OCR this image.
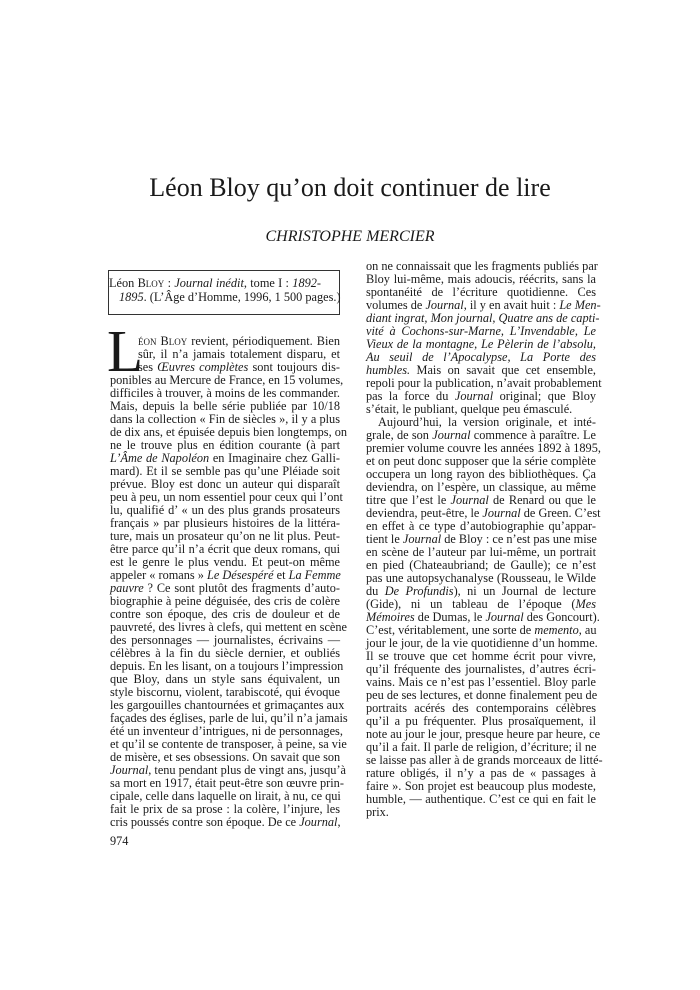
Léon Bloy qu’on doit continuer de lire
CHRISTOPHE MERCIER
Léon Bloy : Journal inédit, tome I : 1892-
1895. (L’Âge d’Homme, 1996, 1 500 pages.)
L
éon Bloy revient, périodiquement. Bien
sûr, il n’a jamais totalement disparu, et
ses Œuvres complètes sont toujours dis-
ponibles au Mercure de France, en 15 volumes,
difficiles à trouver, à moins de les commander.
Mais, depuis la belle série publiée par 10/18
dans la collection « Fin de siècles », il y a plus
de dix ans, et épuisée depuis bien longtemps, on
ne le trouve plus en édition courante (à part
L’Âme de Napoléon en Imaginaire chez Galli-
mard). Et il se semble pas qu’une Pléiade soit
prévue. Bloy est donc un auteur qui disparaît
peu à peu, un nom essentiel pour ceux qui l’ont
lu, qualifié d’ « un des plus grands prosateurs
français » par plusieurs histoires de la littéra-
ture, mais un prosateur qu’on ne lit plus. Peut-
être parce qu’il n’a écrit que deux romans, qui
est le genre le plus vendu. Et peut-on même
appeler « romans » Le Désespéré et La Femme
pauvre ? Ce sont plutôt des fragments d’auto-
biographie à peine déguisée, des cris de colère
contre son époque, des cris de douleur et de
pauvreté, des livres à clefs, qui mettent en scène
des personnages — journalistes, écrivains —
célèbres à la fin du siècle dernier, et oubliés
depuis. En les lisant, on a toujours l’impression
que Bloy, dans un style sans équivalent, un
style biscornu, violent, tarabiscoté, qui évoque
les gargouilles chantournées et grimaçantes aux
façades des églises, parle de lui, qu’il n’a jamais
été un inventeur d’intrigues, ni de personnages,
et qu’il se contente de transposer, à peine, sa vie
de misère, et ses obsessions. On savait que son
Journal, tenu pendant plus de vingt ans, jusqu’à
sa mort en 1917, était peut-être son œuvre prin-
cipale, celle dans laquelle on lirait, à nu, ce qui
fait le prix de sa prose : la colère, l’injure, les
cris poussés contre son époque. De ce Journal,
on ne connaissait que les fragments publiés par
Bloy lui-même, mais adoucis, réécrits, sans la
spontanéité de l’écriture quotidienne. Ces
volumes de Journal, il y en avait huit : Le Men-
diant ingrat, Mon journal, Quatre ans de capti-
vité à Cochons-sur-Marne, L’Invendable, Le
Vieux de la montagne, Le Pèlerin de l’absolu,
Au seuil de l’Apocalypse, La Porte des
humbles. Mais on savait que cet ensemble,
repoli pour la publication, n’avait probablement
pas la force du Journal original; que Bloy
s’était, le publiant, quelque peu émasculé.
Aujourd’hui, la version originale, et inté-
grale, de son Journal commence à paraître. Le
premier volume couvre les années 1892 à 1895,
et on peut donc supposer que la série complète
occupera un long rayon des bibliothèques. Ça
deviendra, on l’espère, un classique, au même
titre que l’est le Journal de Renard ou que le
deviendra, peut-être, le Journal de Green. C’est
en effet à ce type d’autobiographie qu’appar-
tient le Journal de Bloy : ce n’est pas une mise
en scène de l’auteur par lui-même, un portrait
en pied (Chateaubriand; de Gaulle); ce n’est
pas une autopsychanalyse (Rousseau, le Wilde
du De Profundis), ni un Journal de lecture
(Gide), ni un tableau de l’époque (Mes
Mémoires de Dumas, le Journal des Goncourt).
C’est, véritablement, une sorte de memento, au
jour le jour, de la vie quotidienne d’un homme.
Il se trouve que cet homme écrit pour vivre,
qu’il fréquente des journalistes, d’autres écri-
vains. Mais ce n’est pas l’essentiel. Bloy parle
peu de ses lectures, et donne finalement peu de
portraits acérés des contemporains célèbres
qu’il a pu fréquenter. Plus prosaïquement, il
note au jour le jour, presque heure par heure, ce
qu’il a fait. Il parle de religion, d’écriture; il ne
se laisse pas aller à de grands morceaux de litté-
rature obligés, il n’y a pas de « passages à
faire ». Son projet est beaucoup plus modeste,
humble, — authentique. C’est ce qui en fait le
prix.
974
